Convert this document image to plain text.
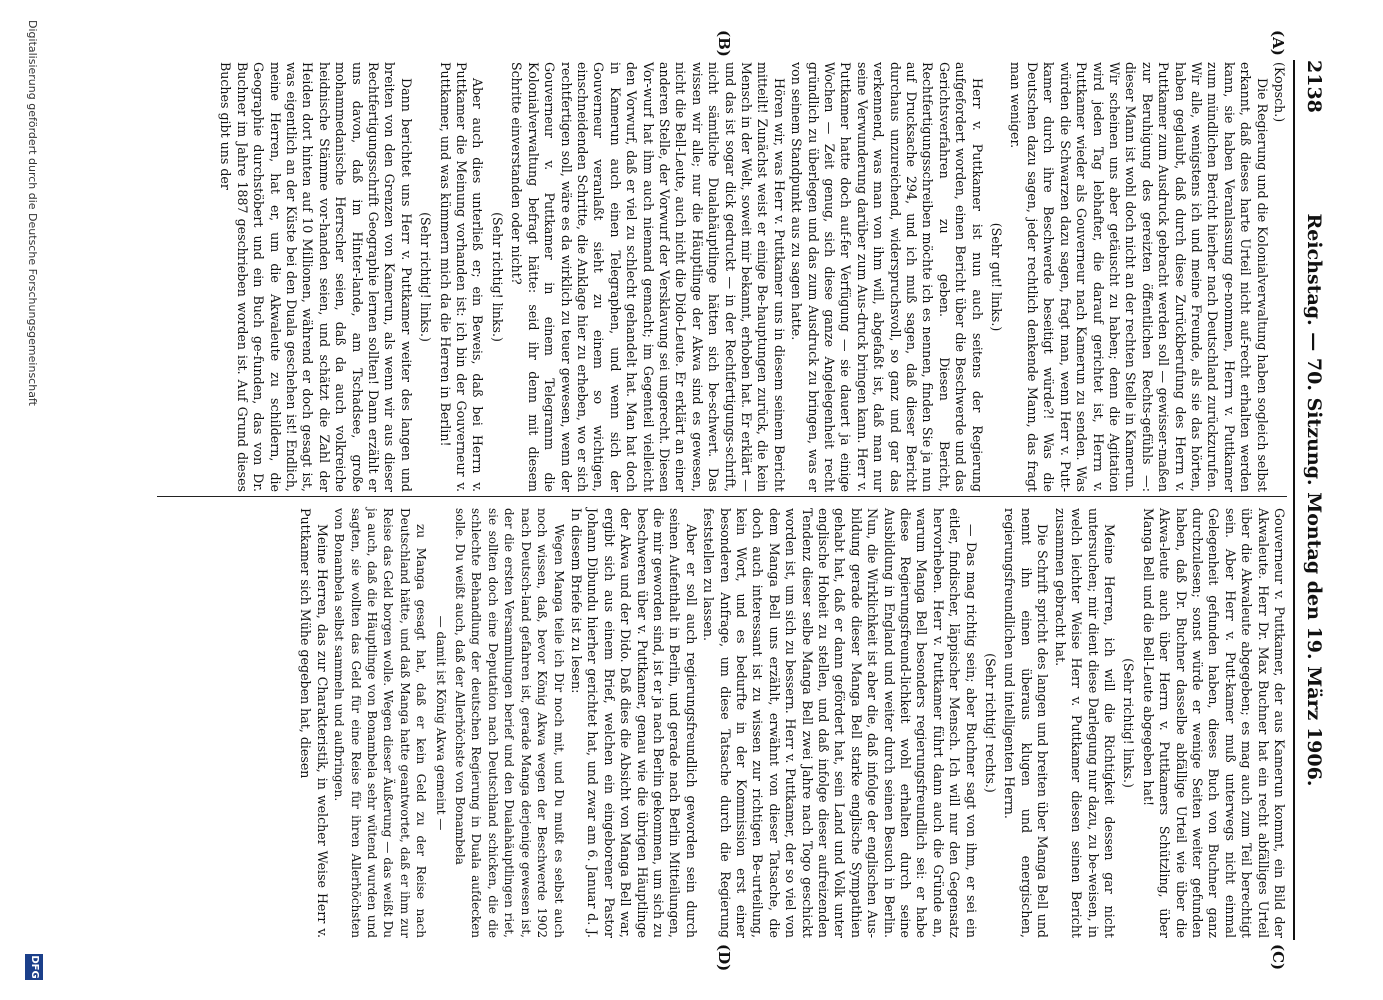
2138
Reichstag. — 70. Sitzung. Montag den 19. März 1906.
(A)
(B)
(C)
(D)

(Kopsch.)

Die Regierung und die Kolonialverwaltung haben sogleich selbst erkannt, daß dieses harte Urteil nicht auf-recht erhalten werden kann, sie haben Veranlassung ge-nommen, Herrn v. Puttkamer zum mündlichen Bericht hierher nach Deutschland zurückzurufen. Wir alle, wenigstens ich und meine Freunde, als sie das hörten, haben geglaubt, daß durch diese Zurückberufung des Herrn v. Puttkamer zum Ausdruck gebracht werden soll — gewisser-maßen zur Beruhigung des gereizten öffentlichen Rechts-gefühls —: dieser Mann ist wohl doch nicht an der rechten Stelle in Kamerun. Wir scheinen uns aber getäuscht zu haben; denn die Agitation wird jeden Tag lebhafter, die darauf gerichtet ist, Herrn v. Puttkamer wieder als Gouverneur nach Kamerun zu senden. Was würden die Schwarzen dazu sagen, fragt man, wenn Herr v. Putt-kamer durch ihre Beschwerde beseitigt würde?! Was die Deutschen dazu sagen, jeder rechtlich denkende Mann, das fragt man weniger.

(Sehr gut! links.)

Herr v. Puttkamer ist nun auch seitens der Regierung aufgefordert worden, einen Bericht über die Beschwerde und das Gerichtsverfahren zu geben. Diesen Bericht, Rechtfertigungsschreiben möchte ich es nennen, finden Sie ja nun auf Drucksache 294, und ich muß sagen, daß dieser Bericht durchaus unzureichend, widerspruchsvoll, so ganz und gar das verkennend, was man von ihm will, abgefaßt ist, daß man nur seine Verwunderung darüber zum Aus-druck bringen kann. Herr v. Puttkamer hatte doch auf-fer Verfügung — sie dauert ja einige Wochen — Zeit genug, sich diese ganze Angelegenheit recht gründlich zu überlegen und das zum Ausdruck zu bringen, was er von seinem Standpunkt aus zu sagen hatte.

Hören wir, was Herr v. Puttkamer uns in diesem seinem Bericht mitteilt! Zunächst weist er einige Be-hauptungen zurück, die kein Mensch in der Welt, soweit mir bekannt, erhoben hat. Er erklärt — und das ist sogar dick gedruckt — in der Rechtfertigungs-schrift, nicht sämtliche Dualahäuptlinge hätten sich be-schwert. Das wissen wir alle; nur die Häuptlinge der Akwa sind es gewesen, nicht die Bell-Leute, auch nicht die Dido-Leute. Er erklärt an einer anderen Stelle, der Vorwurf der Versklavung sei ungerecht. Diesen Vor-wurf hat ihm auch niemand gemacht; im Gegenteil vielleicht den Vorwurf, daß er viel zu schlecht gehandelt hat. Man hat doch in Kamerun auch einen Telegraphen, und wenn sich der Gouverneur veranlaßt sieht zu einem so wichtigen, einschneidenden Schritte, die Anklage hier zu erheben, wo er sich rechtfertigen soll, wäre es da wirklich zu teuer gewesen, wenn der Gouverneur v. Puttkamer in einem Telegramm die Kolonialverwaltung befragt hätte: seid ihr denn mit diesem Schritte einverstanden oder nicht?

(Sehr richtig! links.)

Aber auch dies unterließ er; ein Beweis, daß bei Herrn v. Puttkamer die Meinung vorhanden ist: ich bin der Gouverneur v. Puttkamer, und was kümmern mich da die Herren in Berlin!

(Sehr richtig! links.)

Dann berichtet uns Herr v. Puttkamer weiter des langen und breiten von den Grenzen von Kamerun, als wenn wir aus dieser Rechtfertigungsschrift Geographie lernen sollten! Dann erzählt er uns davon, daß im Hinter-lande, am Tschadsee, große mohammedanische Herrscher seien, daß da auch volkreiche heidnische Stämme vor-handen seien, und schätzt die Zahl der Heiden dort hinten auf 10 Millionen, während er doch gesagt ist, was eigentlich an der Küste bei den Duala geschehen ist! Endlich, meine Herren, hat er, um die Akwaleute zu schildern, die Geographie durchstöbert und ein Buch ge-funden, das von Dr. Buchner im Jahre 1887 geschrieben worden ist. Auf Grund dieses Buches gibt uns der

Gouverneur v. Puttkamer, der aus Kamerun kommt, ein Bild der Akwaleute. Herr Dr. Max Buchner hat ein recht abfälliges Urteil über die Akwaleute abgegeben; es mag auch zum Teil berechtigt sein. Aber Herr v. Putt-kamer muß unterwegs nicht einmal Gelegenheit gefunden haben, dieses Buch von Buchner ganz durchzulesen; sonst würde er wenige Seiten weiter gefunden haben, daß Dr. Buchner dasselbe abfällige Urteil wie über die Akwa-leute auch über Herrn v. Puttkamers Schützling, über Manga Bell und die Bell-Leute abgegeben hat!

(Sehr richtig! links.)

Meine Herren, ich will die Richtigkeit dessen gar nicht untersuchen; mir dient diese Darlegung nur dazu, zu be-weisen, in welch leichter Weise Herr v. Puttkamer diesen seinen Bericht zusammen gebracht hat.

Die Schrift spricht des langen und breiten über Manga Bell und nennt ihn einen überaus klugen und energischen, regierungsfreundlichen und intelligenten Herrn.

(Sehr richtig! rechts.)

— Das mag richtig sein; aber Buchner sagt von ihm, er sei ein eitler, findischer, läppischer Mensch. Ich will nur den Gegensatz hervorheben. Herr v. Puttkamer führt dann auch die Gründe an, warum Manga Bell besonders regierungsfreundlich sei: er habe diese Regierungsfreund-lichkeit wohl erhalten durch seine Ausbildung in England und weiter durch seinen Besuch in Berlin. Nun, die Wirklichkeit ist aber die, daß infolge der englischen Aus-bildung gerade dieser Manga Bell starke englische Sympathien gehabt hat, daß er dann gefördert hat, sein Land und Volk unter englische Hoheit zu stellen, und daß infolge dieser aufreizenden Tendenz dieser selbe Manga Bell zwei Jahre nach Togo geschickt worden ist, um sich zu bessern. Herr v. Puttkamer, der so viel von dem Manga Bell uns erzählt, erwähnt von dieser Tatsache, die doch auch interessant ist zu wissen zur richtigen Be-urteilung, kein Wort, und es bedurfte in der Kommission erst einer besonderen Anfrage, um diese Tatsache durch die Regierung feststellen zu lassen.

Aber er soll auch regierungsfreundlich geworden sein durch seinen Aufenthalt in Berlin, und gerade nach Berlin Mitteilungen, die mir geworden sind, ist er ja nach Berlin gekommen, um sich zu beschweren über v. Puttkamer, genau wie die übrigen Häuptlinge der Akwa und der Dido. Daß dies die Absicht von Manga Bell war, ergibt sich aus einem Brief, welchen ein eingeborener Pastor Johann Dibundu hierher gerichtet hat, und zwar am 6. Januar d. J. In diesem Briefe ist zu lesen:

Wegen Manga teile ich Dir noch mit, und Du mußt es selbst auch noch wissen, daß, bevor König Akwa wegen der Beschwerde 1902 nach Deutsch-land gefahren ist, gerade Manga derjenige gewesen ist, der die ersten Versammlungen berief und den Dualahäuptlingen riet, sie sollten doch eine Deputation nach Deutschland schicken, die die schlechte Behandlung der deutschen Regierung in Duala aufdecken solle. Du weißt auch, daß der Allerhöchste von Bonambela

— damit ist König Akwa gemeint —

zu Manga gesagt hat, daß er kein Geld zu der Reise nach Deutschland hätte, und daß Manga hatte geantwortet, daß er ihm zur Reise das Geld borgen wolle. Wegen dieser Äußerung — das weißt Du ja auch, daß die Häuptlinge von Bonambela sehr wütend wurden und sagten, sie wollten das Geld für eine Reise für ihren Allerhöchsten von Bonambela selbst sammeln und aufbringen.

Meine Herren, das zur Charakteristik, in welcher Weise Herr v. Puttkamer sich Mühe gegeben hat, diesen

Digitalisierung gefördert durch die Deutsche Forschungsgemeinschaft
DFG
